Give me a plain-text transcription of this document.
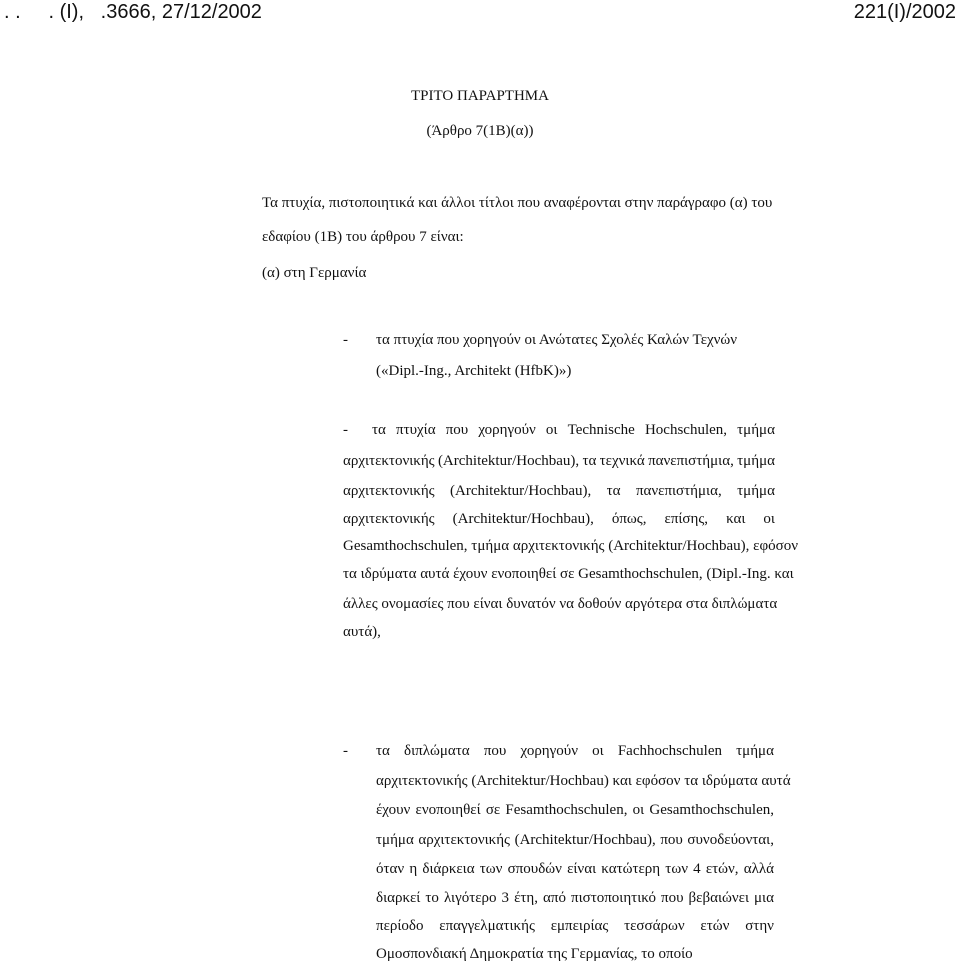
. .     . (I),   .3666, 27/12/2002	221(I)/2002
ΤΡΙΤΟ ΠΑΡΑΡΤΗΜΑ
(Άρθρο 7(1Β)(α))
Τα πτυχία, πιστοποιητικά και άλλοι τίτλοι που αναφέρονται στην παράγραφο (α) του
εδαφίου (1Β) του άρθρου 7 είναι:
(α) στη Γερμανία
- τα πτυχία που χορηγούν οι Ανώτατες Σχολές Καλών Τεχνών
(«Dipl.-Ing., Architekt (HfbK)»)
- τα πτυχία που χορηγούν οι Technische Hochschulen, τμήμα
αρχιτεκτονικής (Architektur/Hochbau), τα τεχνικά πανεπιστήμια, τμήμα
αρχιτεκτονικής (Architektur/Hochbau), τα πανεπιστήμια, τμήμα
αρχιτεκτονικής (Architektur/Hochbau), όπως, επίσης, και οι
Gesamthochschulen, τμήμα αρχιτεκτονικής (Architektur/Hochbau), εφόσον
τα ιδρύματα αυτά έχουν ενοποιηθεί σε Gesamthochschulen, (Dipl.-Ing. και
άλλες ονομασίες που είναι δυνατόν να δοθούν αργότερα στα διπλώματα
αυτά),
- τα διπλώματα που χορηγούν οι Fachhochschulen τμήμα
αρχιτεκτονικής (Architektur/Hochbau) και εφόσον τα ιδρύματα αυτά
έχουν ενοποιηθεί σε Fesamthochschulen, οι Gesamthochschulen,
τμήμα αρχιτεκτονικής (Architektur/Hochbau), που συνοδεύονται,
όταν η διάρκεια των σπουδών είναι κατώτερη των 4 ετών, αλλά
διαρκεί το λιγότερο 3 έτη, από πιστοποιητικό που βεβαιώνει μια
περίοδο επαγγελματικής εμπειρίας τεσσάρων ετών στην
Ομοσπονδιακή Δημοκρατία της Γερμανίας, το οποίο
